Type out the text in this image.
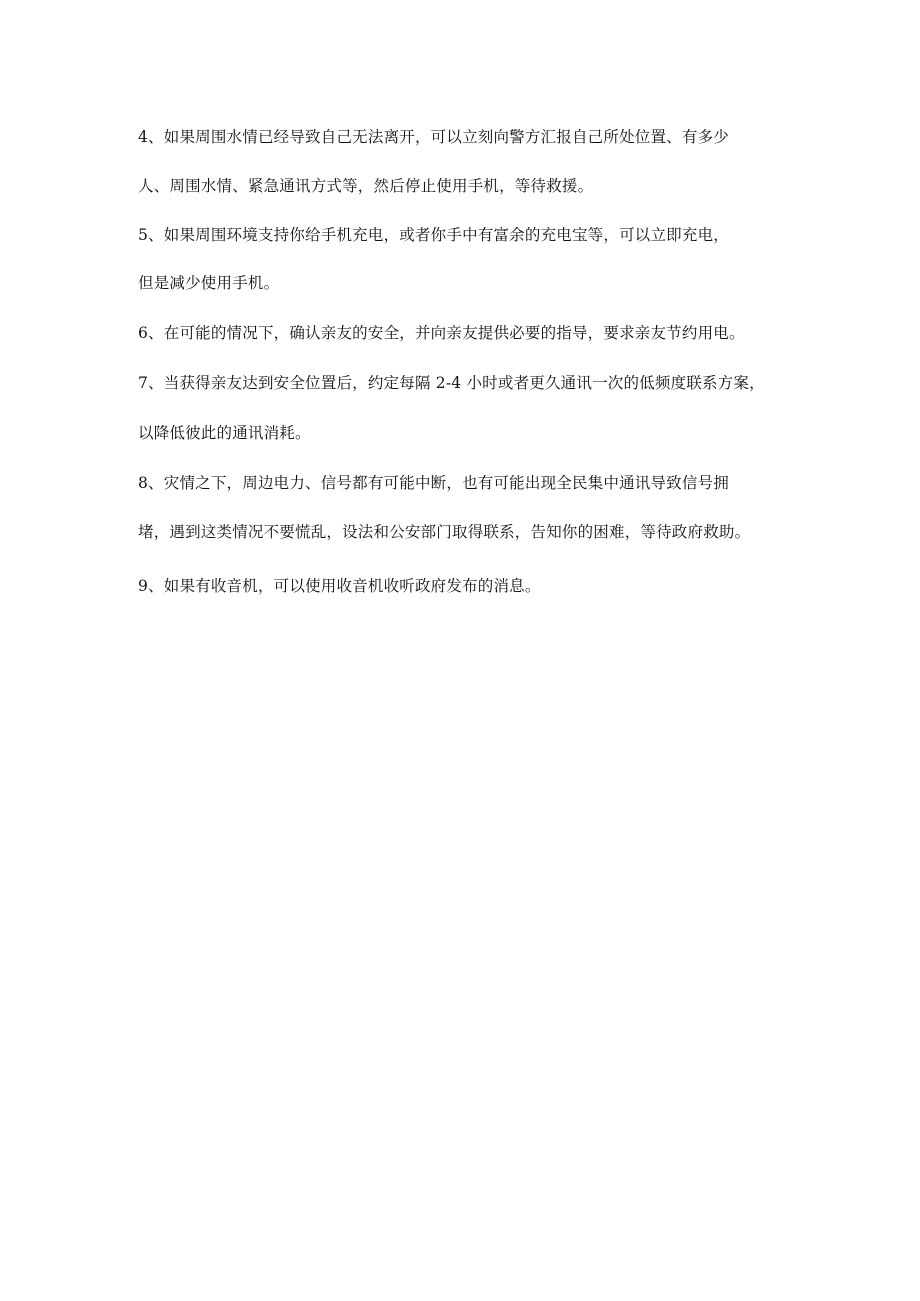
4、如果周围水情已经导致自己无法离开，可以立刻向警方汇报自己所处位置、有多少
人、周围水情、紧急通讯方式等，然后停止使用手机，等待救援。
5、如果周围环境支持你给手机充电，或者你手中有富余的充电宝等，可以立即充电，
但是减少使用手机。
6、在可能的情况下，确认亲友的安全，并向亲友提供必要的指导，要求亲友节约用电。
7、当获得亲友达到安全位置后，约定每隔 2-4 小时或者更久通讯一次的低频度联系方案，
以降低彼此的通讯消耗。
8、灾情之下，周边电力、信号都有可能中断，也有可能出现全民集中通讯导致信号拥
堵，遇到这类情况不要慌乱，设法和公安部门取得联系，告知你的困难，等待政府救助。
9、如果有收音机，可以使用收音机收听政府发布的消息。
